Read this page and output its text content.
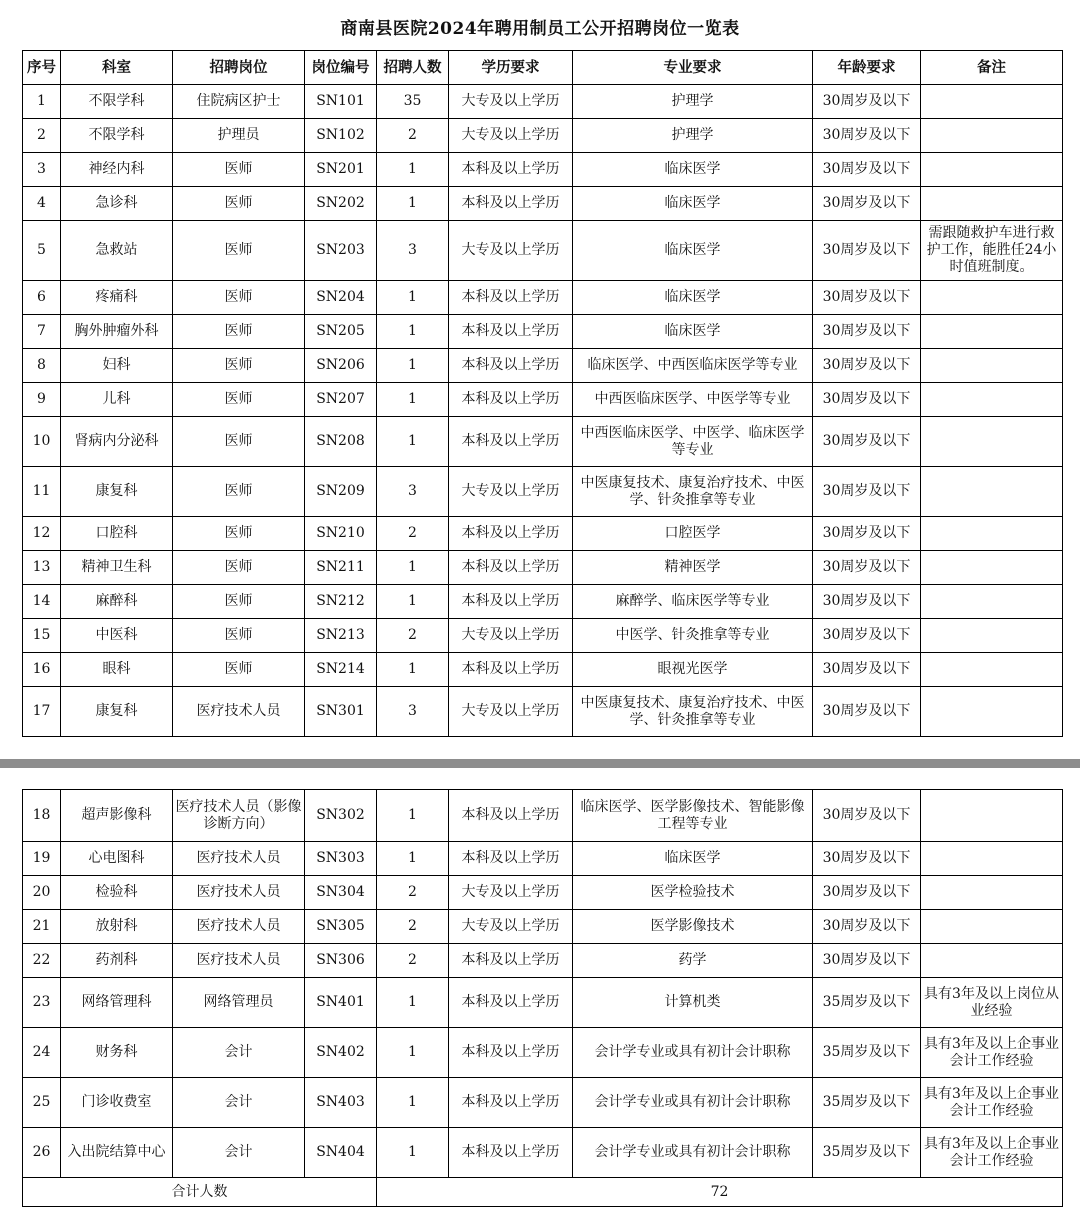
商南县医院2024年聘用制员工公开招聘岗位一览表
序号	科室	招聘岗位	岗位编号	招聘人数	学历要求	专业要求	年龄要求	备注
1	不限学科	住院病区护士	SN101	35	大专及以上学历	护理学	30周岁及以下	
2	不限学科	护理员	SN102	2	大专及以上学历	护理学	30周岁及以下	
3	神经内科	医师	SN201	1	本科及以上学历	临床医学	30周岁及以下	
4	急诊科	医师	SN202	1	本科及以上学历	临床医学	30周岁及以下	
5	急救站	医师	SN203	3	大专及以上学历	临床医学	30周岁及以下	需跟随救护车进行救护工作，能胜任24小时值班制度。
6	疼痛科	医师	SN204	1	本科及以上学历	临床医学	30周岁及以下	
7	胸外肿瘤外科	医师	SN205	1	本科及以上学历	临床医学	30周岁及以下	
8	妇科	医师	SN206	1	本科及以上学历	临床医学、中西医临床医学等专业	30周岁及以下	
9	儿科	医师	SN207	1	本科及以上学历	中西医临床医学、中医学等专业	30周岁及以下	
10	肾病内分泌科	医师	SN208	1	本科及以上学历	中西医临床医学、中医学、临床医学等专业	30周岁及以下	
11	康复科	医师	SN209	3	大专及以上学历	中医康复技术、康复治疗技术、中医学、针灸推拿等专业	30周岁及以下	
12	口腔科	医师	SN210	2	本科及以上学历	口腔医学	30周岁及以下	
13	精神卫生科	医师	SN211	1	本科及以上学历	精神医学	30周岁及以下	
14	麻醉科	医师	SN212	1	本科及以上学历	麻醉学、临床医学等专业	30周岁及以下	
15	中医科	医师	SN213	2	大专及以上学历	中医学、针灸推拿等专业	30周岁及以下	
16	眼科	医师	SN214	1	本科及以上学历	眼视光医学	30周岁及以下	
17	康复科	医疗技术人员	SN301	3	大专及以上学历	中医康复技术、康复治疗技术、中医学、针灸推拿等专业	30周岁及以下	
18	超声影像科	医疗技术人员（影像诊断方向）	SN302	1	本科及以上学历	临床医学、医学影像技术、智能影像工程等专业	30周岁及以下	
19	心电图科	医疗技术人员	SN303	1	本科及以上学历	临床医学	30周岁及以下	
20	检验科	医疗技术人员	SN304	2	大专及以上学历	医学检验技术	30周岁及以下	
21	放射科	医疗技术人员	SN305	2	大专及以上学历	医学影像技术	30周岁及以下	
22	药剂科	医疗技术人员	SN306	2	本科及以上学历	药学	30周岁及以下	
23	网络管理科	网络管理员	SN401	1	本科及以上学历	计算机类	35周岁及以下	具有3年及以上岗位从业经验
24	财务科	会计	SN402	1	本科及以上学历	会计学专业或具有初计会计职称	35周岁及以下	具有3年及以上企事业会计工作经验
25	门诊收费室	会计	SN403	1	本科及以上学历	会计学专业或具有初计会计职称	35周岁及以下	具有3年及以上企事业会计工作经验
26	入出院结算中心	会计	SN404	1	本科及以上学历	会计学专业或具有初计会计职称	35周岁及以下	具有3年及以上企事业会计工作经验
合计人数				72				
